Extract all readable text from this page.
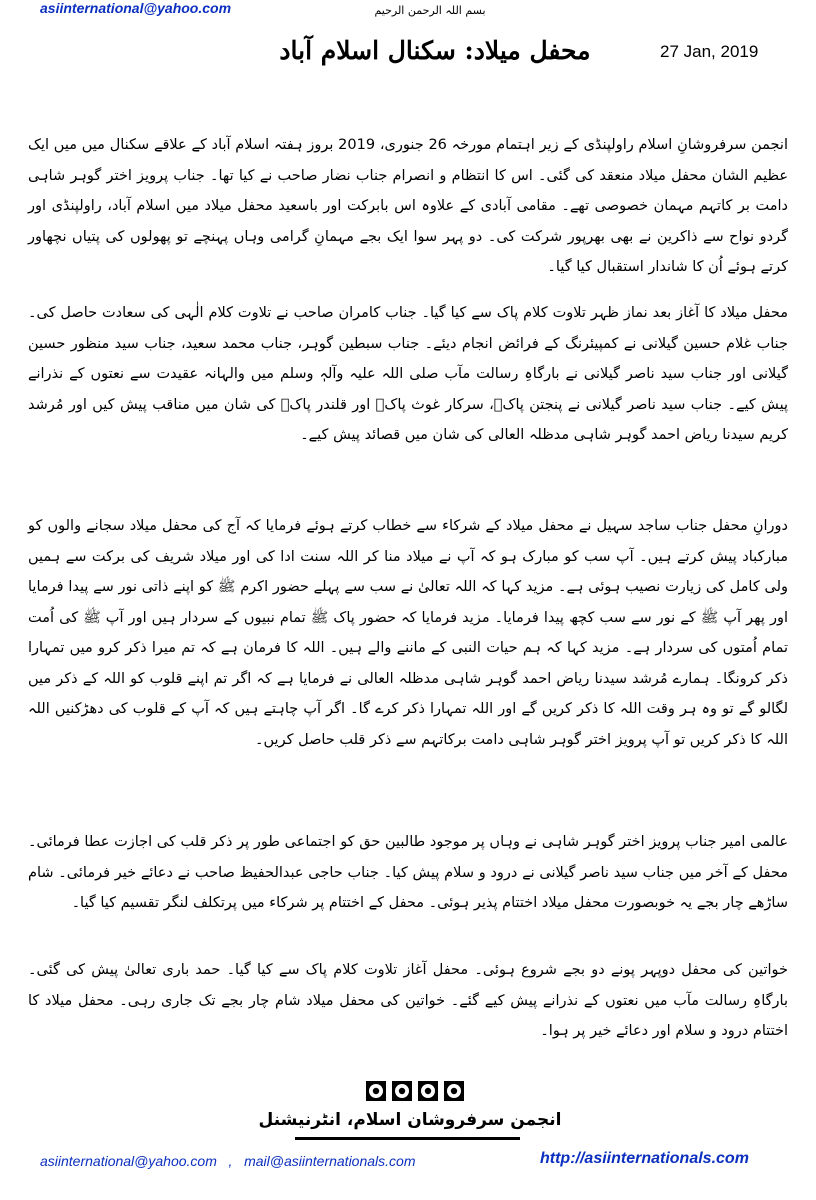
asiinternational@yahoo.com	بسم اللہ الرحمن الرحیم
محفل میلاد: سکنال اسلام آباد	27 Jan, 2019
انجمن سرفروشانِ اسلام راولپنڈی کے زیر اہتمام مورخہ 26 جنوری، 2019 بروز ہفتہ اسلام آباد کے علاقے سکنال میں میں ایک عظیم الشان محفل میلاد منعقد کی گئی۔ اس کا انتظام و انصرام جناب نضار صاحب نے کیا تھا۔ جناب پرویز اختر گوہر شاہی دامت بر کاتہم مہمان خصوصی تھے۔ مقامی آبادی کے علاوہ اس بابرکت اور باسعید محفل میلاد میں اسلام آباد، راولپنڈی اور گردو نواح سے ذاکرین نے بھی بھرپور شرکت کی۔ دو پہر سوا ایک بجے مہمانِ گرامی وہاں پہنچے تو پھولوں کی پتیاں نچھاور کرتے ہوئے اُن کا شاندار استقبال کیا گیا۔
محفل میلاد کا آغاز بعد نماز ظہر تلاوت کلام پاک سے کیا گیا۔ جناب کامران صاحب نے تلاوت کلام الٰہی کی سعادت حاصل کی۔ جناب غلام حسین گیلانی نے کمپیئرنگ کے فرائض انجام دیئے۔ جناب سبطین گوہر، جناب محمد سعید، جناب سید منظور حسین گیلانی اور جناب سید ناصر گیلانی نے بارگاہِ رسالت مآب صلی اللہ علیہ وآلہٖ وسلم میں والہانہ عقیدت سے نعتوں کے نذرانے پیش کیے۔ جناب سید ناصر گیلانی نے پنجتن پاکؑ، سرکار غوث پاکؒ اور قلندر پاکؒ کی شان میں مناقب پیش کیں اور مُرشد کریم سیدنا ریاض احمد گوہر شاہی مدظلہ العالی کی شان میں قصائد پیش کیے۔
دورانِ محفل جناب ساجد سہیل نے محفل میلاد کے شرکاء سے خطاب کرتے ہوئے فرمایا کہ آج کی محفل میلاد سجانے والوں کو مبارکباد پیش کرتے ہیں۔ آپ سب کو مبارک ہو کہ آپ نے میلاد منا کر اللہ سنت ادا کی اور میلاد شریف کی برکت سے ہمیں ولی کامل کی زیارت نصیب ہوئی ہے۔ مزید کہا کہ اللہ تعالیٰ نے سب سے پہلے حضور اکرم ﷺ کو اپنے ذاتی نور سے پیدا فرمایا اور پھر آپ ﷺ کے نور سے سب کچھ پیدا فرمایا۔ مزید فرمایا کہ حضور پاک ﷺ تمام نبیوں کے سردار ہیں اور آپ ﷺ کی اُمت تمام اُمتوں کی سردار ہے۔ مزید کہا کہ ہم حیات النبی کے ماننے والے ہیں۔ اللہ کا فرمان ہے کہ تم میرا ذکر کرو میں تمہارا ذکر کرونگا۔ ہمارے مُرشد سیدنا ریاض احمد گوہر شاہی مدظلہ العالی نے فرمایا ہے کہ اگر تم اپنے قلوب کو اللہ کے ذکر میں لگالو گے تو وہ ہر وقت اللہ کا ذکر کریں گے اور اللہ تمہارا ذکر کرے گا۔ اگر آپ چاہتے ہیں کہ آپ کے قلوب کی دھڑکنیں اللہ اللہ کا ذکر کریں تو آپ پرویز اختر گوہر شاہی دامت برکاتہم سے ذکر قلب حاصل کریں۔
عالمی امیر جناب پرویز اختر گوہر شاہی نے وہاں پر موجود طالبین حق کو اجتماعی طور پر ذکر قلب کی اجازت عطا فرمائی۔ محفل کے آخر میں جناب سید ناصر گیلانی نے درود و سلام پیش کیا۔ جناب حاجی عبدالحفیظ صاحب نے دعائے خیر فرمائی۔ شام ساڑھے چار بجے یہ خوبصورت محفل میلاد اختتام پذیر ہوئی۔ محفل کے اختتام پر شرکاء میں پرتکلف لنگر تقسیم کیا گیا۔
خواتین کی محفل دوپہر پونے دو بجے شروع ہوئی۔ محفل آغاز تلاوت کلام پاک سے کیا گیا۔ حمد باری تعالیٰ پیش کی گئی۔ بارگاہِ رسالت مآب میں نعتوں کے نذرانے پیش کیے گئے۔ خواتین کی محفل میلاد شام چار بجے تک جاری رہی۔ محفل میلاد کا اختتام درود و سلام اور دعائے خیر پر ہوا۔
انجمن سرفروشان اسلام، انٹرنیشنل
asiinternational@yahoo.com   ,   mail@asiinternationals.com	http://asiinternationals.com
